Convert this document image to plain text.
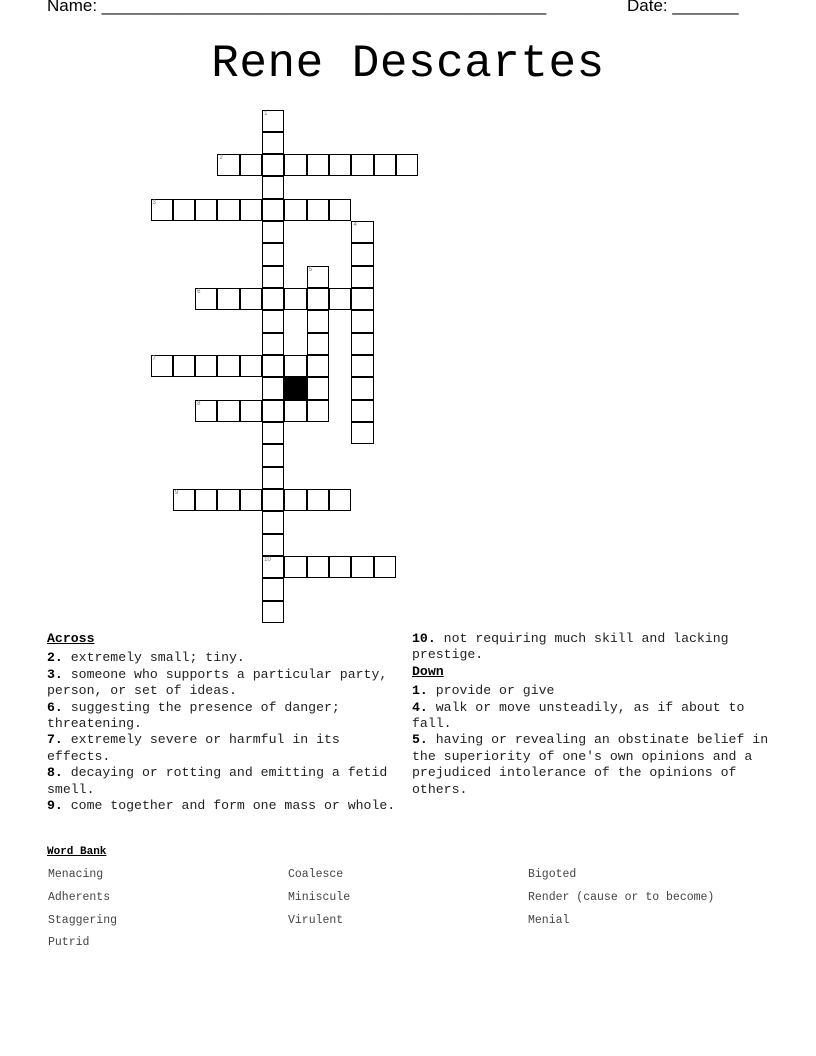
Name: _______________________________________________	Date: _______
Rene Descartes
1
10
2
3
4
5
6
7
8
9
Across

2. extremely small; tiny.

3. someone who supports a particular party, person, or set of ideas.

6. suggesting the presence of danger; threatening.

7. extremely severe or harmful in its effects.

8. decaying or rotting and emitting a fetid smell.

9. come together and form one mass or whole.

10. not requiring much skill and lacking prestige.

Down

1. provide or give

4. walk or move unsteadily, as if about to fall.

5. having or revealing an obstinate belief in the superiority of one's own opinions and a prejudiced intolerance of the opinions of others.

Word Bank
Menacing	Coalesce	Bigoted
Adherents	Miniscule	Render (cause or to become)
Staggering	Virulent	Menial
Putrid
